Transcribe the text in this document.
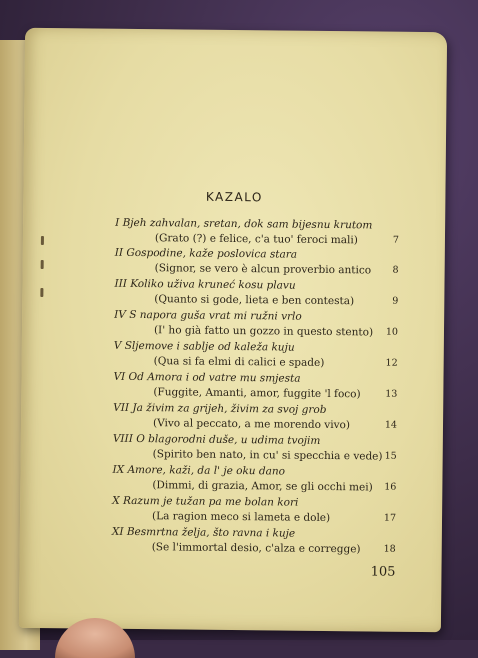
KAZALO
I Bjeh zahvalan, sretan, dok sam bijesnu krutom
(Grato (?) e felice, c'a tuo' feroci mali)	7
II Gospodine, kaže poslovica stara
(Signor, se vero è alcun proverbio antico	8
III Koliko uživa kruneć kosu plavu
(Quanto si gode, lieta e ben contesta)	9
IV S napora guša vrat mi ružni vrlo
(I' ho già fatto un gozzo in questo stento)	10
V Sljemove i sablje od kaleža kuju
(Qua si fa elmi di calici e spade)	12
VI Od Amora i od vatre mu smjesta
(Fuggite, Amanti, amor, fuggite 'l foco)	13
VII Ja živim za grijeh, živim za svoj grob
(Vivo al peccato, a me morendo vivo)	14
VIII O blagorodni duše, u udima tvojim
(Spirito ben nato, in cu' si specchia e vede) 15
IX Amore, kaži, da l' je oku dano
(Dimmi, di grazia, Amor, se gli occhi mei)	16
X Razum je tužan pa me bolan kori
(La ragion meco si lameta e dole)	17
XI Besmrtna želja, što ravna i kuje
(Se l'immortal desio, c'alza e corregge)	18
105
